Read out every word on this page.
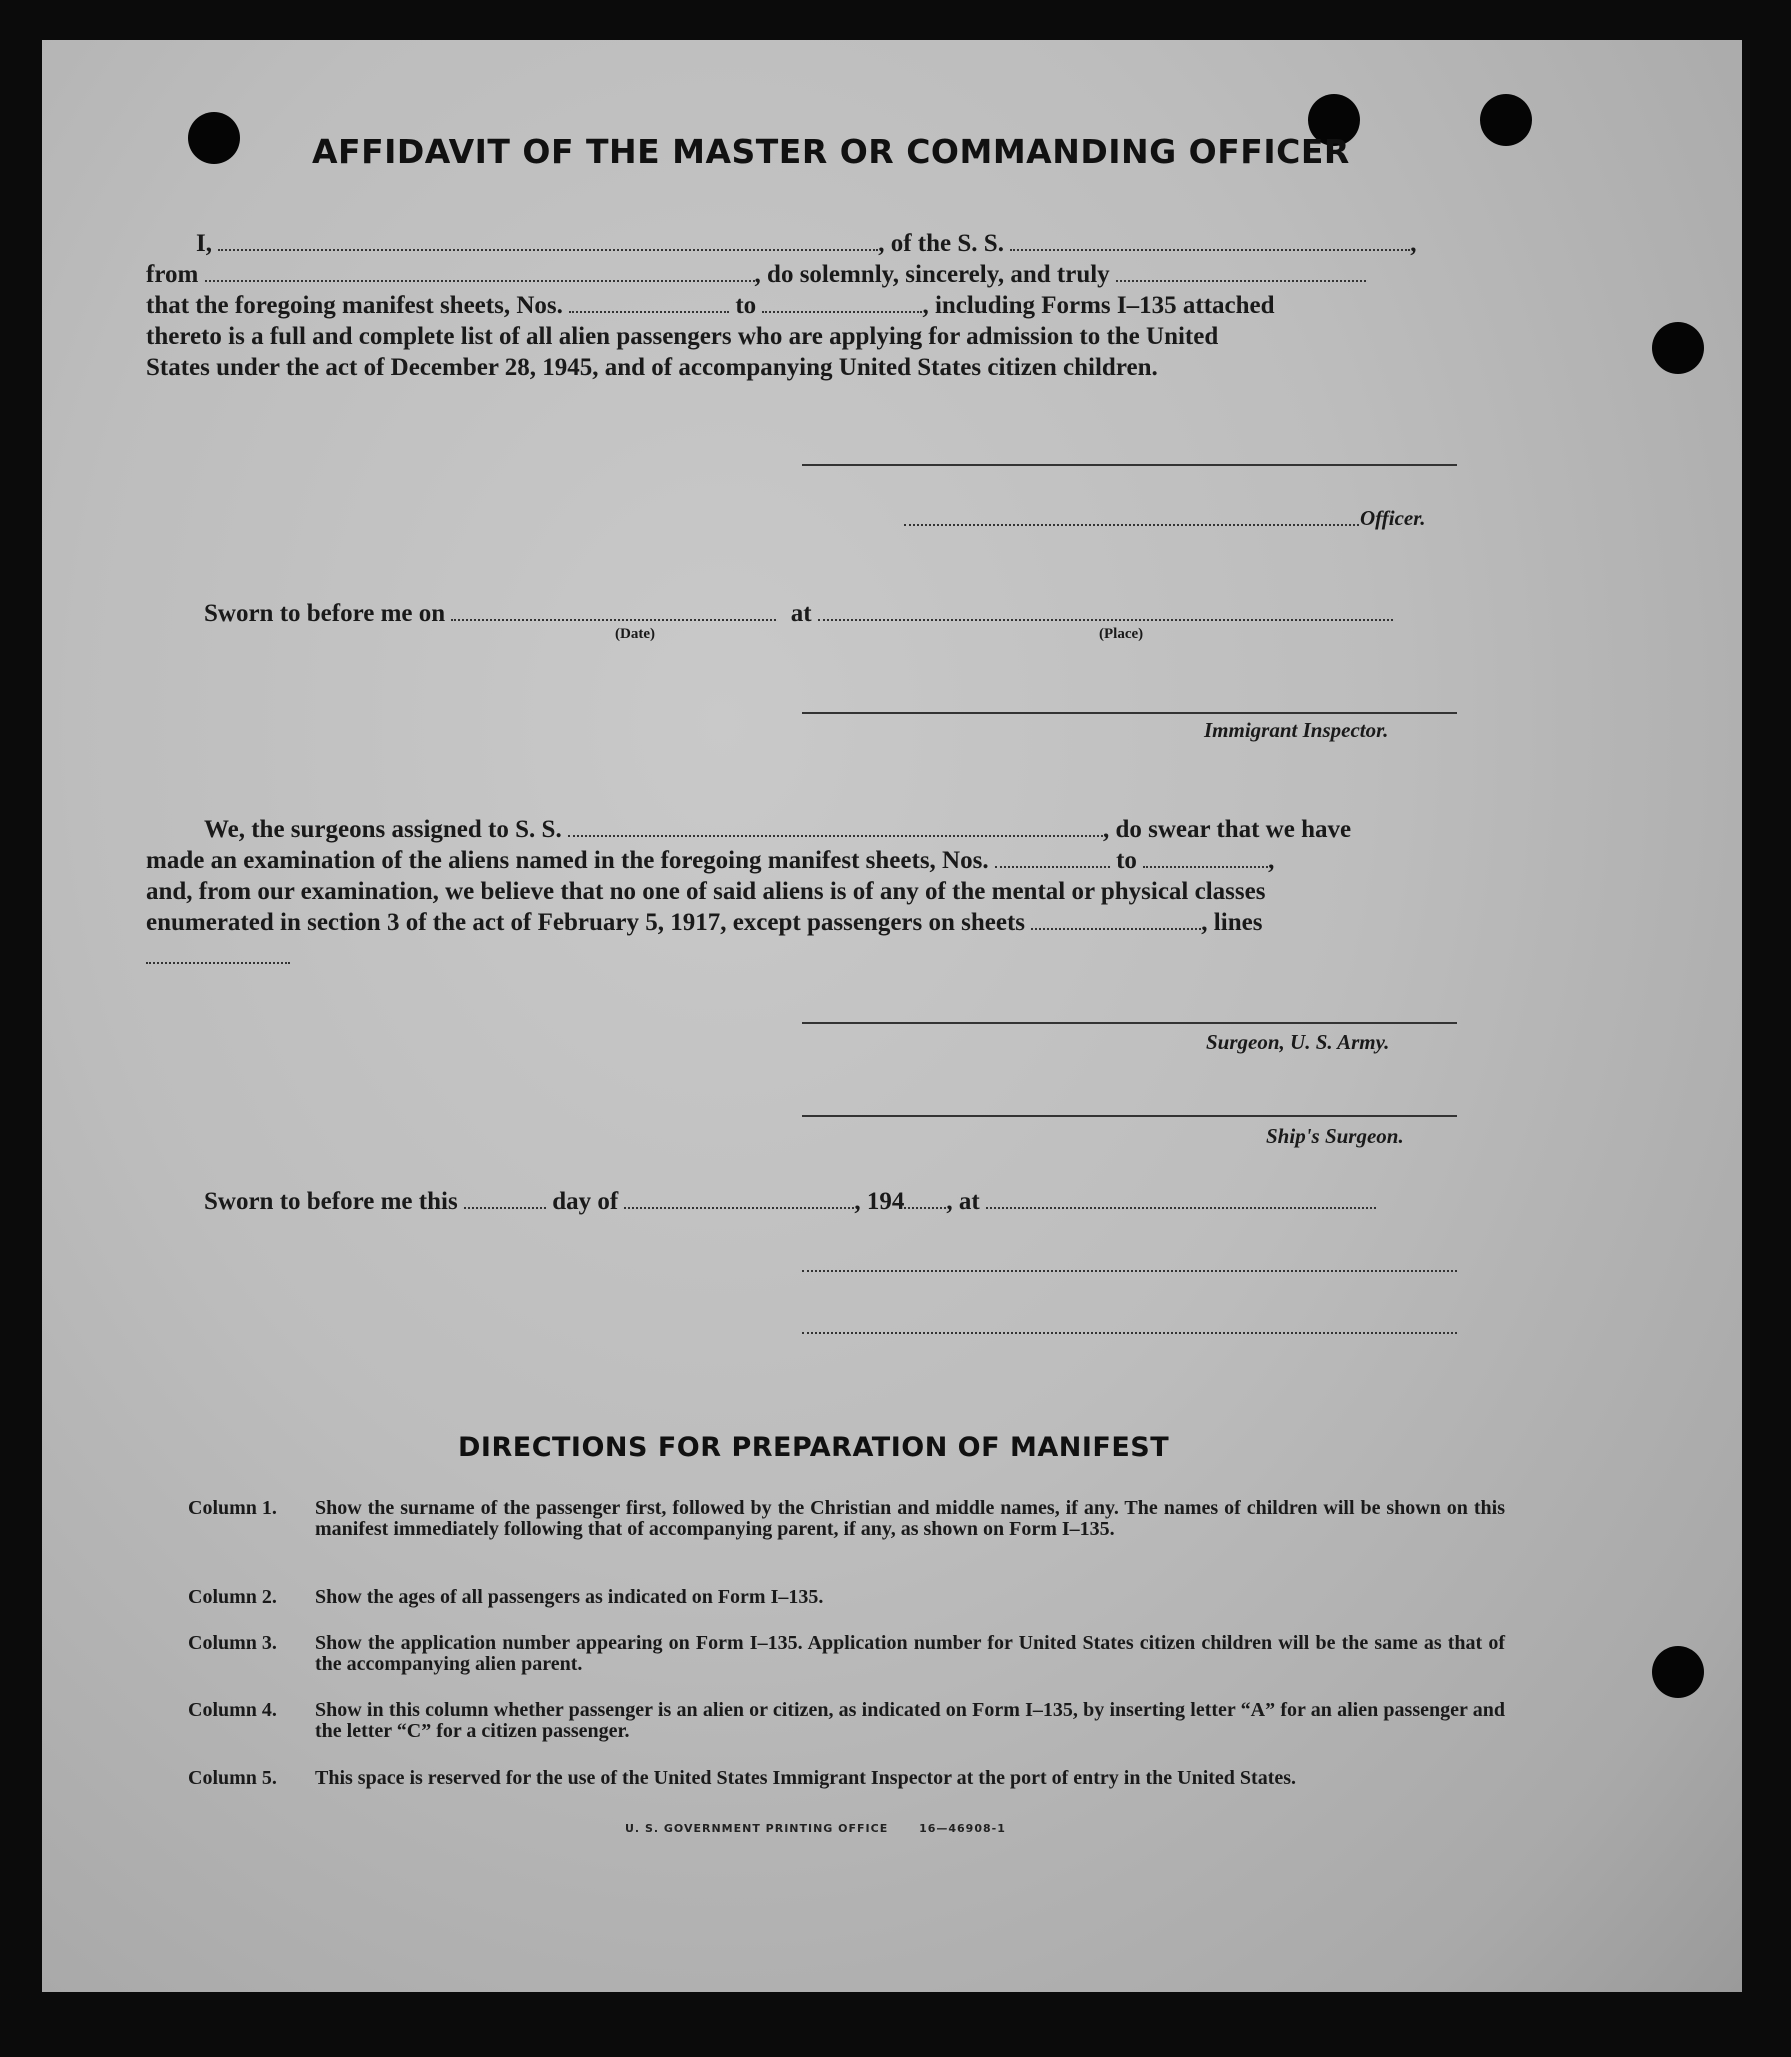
AFFIDAVIT OF THE MASTER OR COMMANDING OFFICER
I,	, of the S. S.	,
from	, do solemnly, sincerely, and truly
that the foregoing manifest sheets, Nos.	to	, including Forms I–135 attached
thereto is a full and complete list of all alien passengers who are applying for admission to the United
States under the act of December 28, 1945, and of accompanying United States citizen children.
Officer.
Sworn to before me on	at
(Date)	(Place)
Immigrant Inspector.
We, the surgeons assigned to S. S.	, do swear that we have
made an examination of the aliens named in the foregoing manifest sheets, Nos.	to	,
and, from our examination, we believe that no one of said aliens is of any of the mental or physical classes
enumerated in section 3 of the act of February 5, 1917, except passengers on sheets	, lines
Surgeon, U. S. Army.
Ship's Surgeon.
Sworn to before me this	day of	, 194 , at
DIRECTIONS FOR PREPARATION OF MANIFEST
Column 1.	Show the surname of the passenger first, followed by the Christian and middle names, if any. The names of children will be shown on this manifest immediately following that of accompanying parent, if any, as shown on Form I–135.
Column 2.	Show the ages of all passengers as indicated on Form I–135.
Column 3.	Show the application number appearing on Form I–135. Application number for United States citizen children will be the same as that of the accompanying alien parent.
Column 4.	Show in this column whether passenger is an alien or citizen, as indicated on Form I–135, by inserting letter “A” for an alien passenger and the letter “C” for a citizen passenger.
Column 5.	This space is reserved for the use of the United States Immigrant Inspector at the port of entry in the United States.
U. S. GOVERNMENT PRINTING OFFICE	16—46908-1
